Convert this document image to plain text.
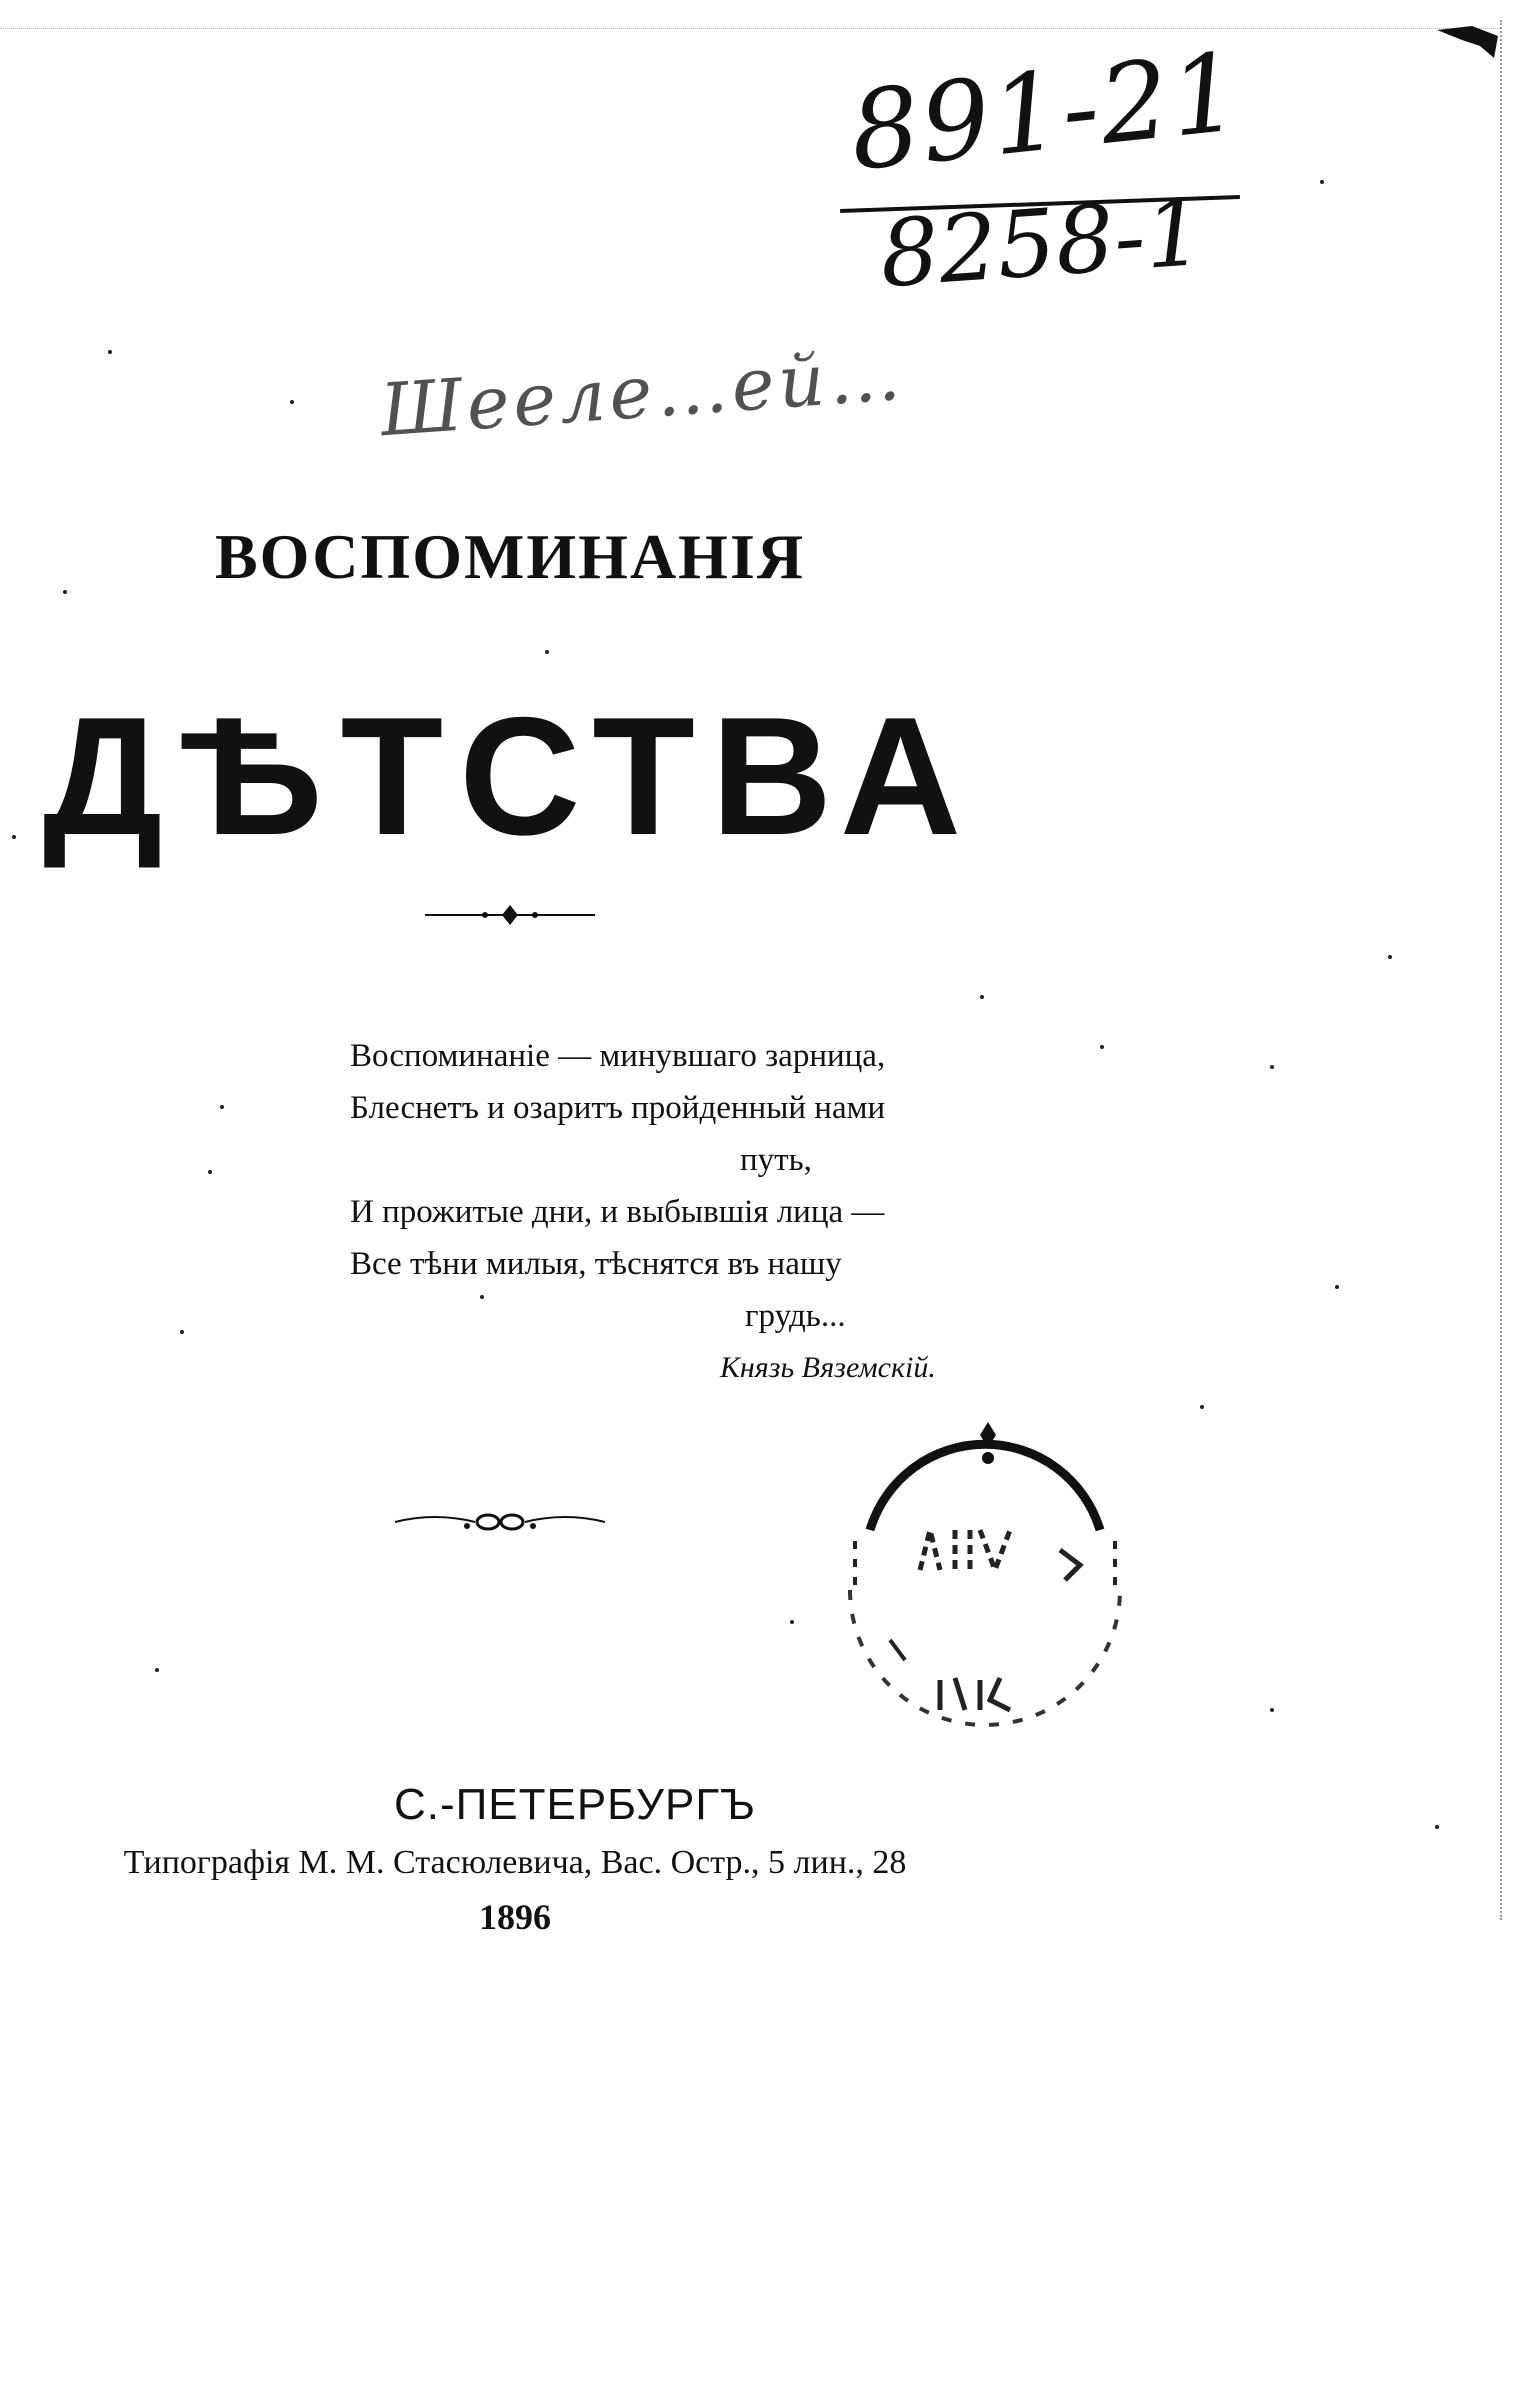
891-21
8258-1
Шееле…ей…
ВОСПОМИНАНІЯ
ДѢТСТВА
Воспоминаніе — минувшаго зарница,
Блеснетъ и озаритъ пройденный нами
путь,
И прожитые дни, и выбывшія лица —
Все тѣни милыя, тѣснятся въ нашу
грудь...
Князь Вяземскій.
С.-ПЕТЕРБУРГЪ
Типографія М. М. Стасюлевича, Вас. Остр., 5 лин., 28
1896
